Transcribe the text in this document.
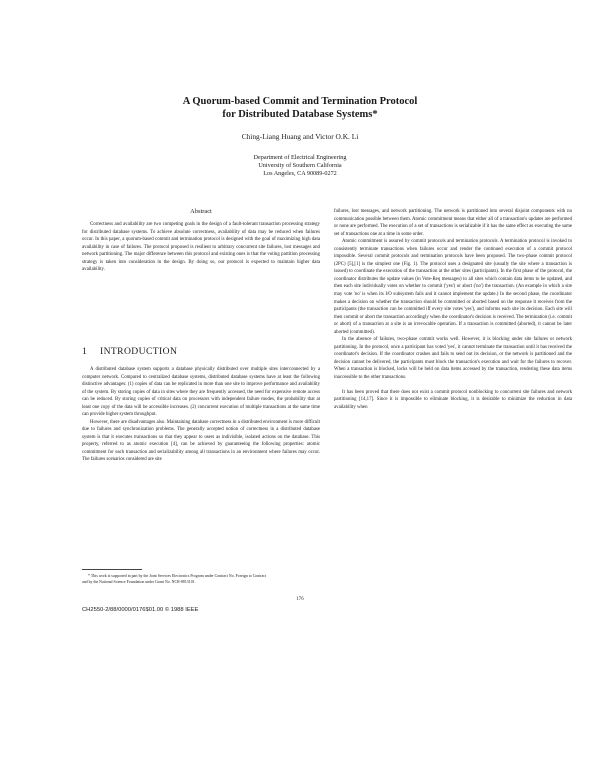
A Quorum-based Commit and Termination Protocol
for Distributed Database Systems*
Ching-Liang Huang and Victor O.K. Li
Department of Electrical Engineering
University of Southern California
Los Angeles, CA 90089-0272
Abstract

Correctness and availability are two competing goals in the design of a fault-tolerant transaction processing strategy for distributed database systems. To achieve absolute correctness, availability of data may be reduced when failures occur. In this paper, a quorum-based commit and termination protocol is designed with the goal of maximizing high data availability in case of failures. The protocol proposed is resilient to arbitrary concurrent site failures, lost messages and network partitioning. The major difference between this protocol and existing ones is that the voting partition processing strategy is taken into consideration in the design. By doing so, our protocol is expected to maintain higher data availability.

1 INTRODUCTION

A distributed database system supports a database physically distributed over multiple sites interconnected by a computer network. Compared to centralized database systems, distributed database systems have at least the following distinctive advantages: (1) copies of data can be replicated in more than one site to improve performance and availability of the system. By storing copies of data in sites where they are frequently accessed, the need for expensive remote access can be reduced. By storing copies of critical data on processors with independent failure modes, the probability that at least one copy of the data will be accessible increases. (2) concurrent execution of multiple transactions at the same time can provide higher system throughput.

However, there are disadvantages also. Maintaining database correctness in a distributed environment is more difficult due to failures and synchronization problems. The generally accepted notion of correctness in a distributed database system is that it executes transactions so that they appear to users as indivisible, isolated actions on the database. This property, referred to as atomic execution [4], can be achieved by guaranteeing the following properties: atomic commitment for each transaction and serializability among all transactions in an environment where failures may occur. The failures scenarios considered are site

failures, lost messages, and network partitioning. The network is partitioned into several disjoint components with no communication possible between them. Atomic commitment means that either all of a transaction's updates are performed or none are performed. The execution of a set of transactions is serializable if it has the same effect as executing the same set of transactions one at a time in some order.

Atomic commitment is assured by commit protocols and termination protocols. A termination protocol is invoked to consistently terminate transactions when failures occur and render the continued execution of a commit protocol impossible. Several commit protocols and termination protocols have been proposed. The two-phase commit protocol (2PC) [5],[1] is the simplest one (Fig. 1). The protocol uses a designated site (usually the site where a transaction is issued) to coordinate the execution of the transaction at the other sites (participants). In the first phase of the protocol, the coordinator distributes the update values (in Vote-Req messages) to all sites which contain data items to be updated, and then each site individually votes on whether to commit ('yes') or abort ('no') the transaction. (An example in which a site may vote 'no' is when its I/O subsystem fails and it cannot implement the update.) In the second phase, the coordinator makes a decision on whether the transaction should be committed or aborted based on the response it receives from the participants (the transaction can be committed iff every site votes 'yes'), and informs each site its decision. Each site will then commit or abort the transaction accordingly when the coordinator's decision is received. The termination (i.e. commit or abort) of a transaction at a site is an irrevocable operation. If a transaction is committed (aborted), it cannot be later aborted (committed).

In the absence of failures, two-phase commit works well. However, it is blocking under site failures or network partitioning. In the protocol, once a participant has voted 'yes', it cannot terminate the transaction until it has received the coordinator's decision. If the coordinator crashes and fails to send out its decision, or the network is partitioned and the decision cannot be delivered, the participants must block the transaction's execution and wait for the failures to recover. When a transaction is blocked, locks will be held on data items accessed by the transaction, rendering these data items inaccessible to the other transactions.

It has been proved that there does not exist a commit protocol nonblocking to concurrent site failures and network partitioning [14,17]. Since it is impossible to eliminate blocking, it is desirable to minimize the reduction in data availability when

* This work is supported in part by the Joint Services Electronics Program under Contract No. Foreign to Contract and by the National Science Foundation under Grant No. NCR-8813101.

176
CH2550-2/88/0000/0176$01.00 © 1988 IEEE
